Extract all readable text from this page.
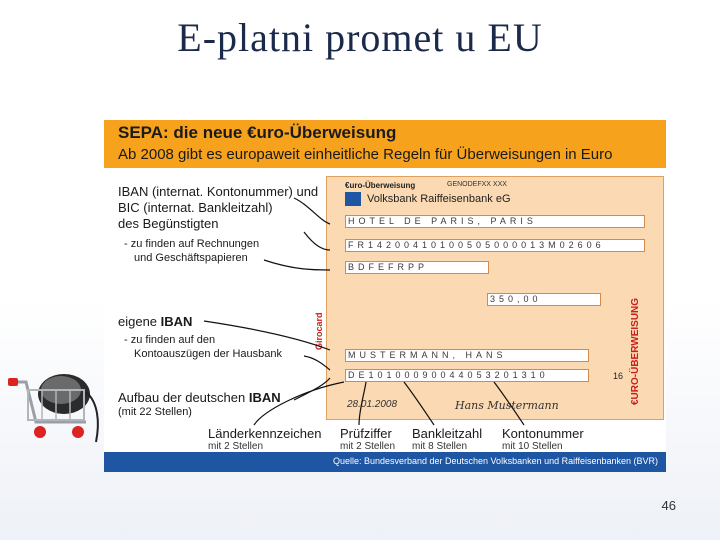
E-platni promet u EU
SEPA: die neue €uro-Überweisung
Ab 2008 gibt es europaweit einheitliche Regeln für Überweisungen in Euro
€uro-Überweisung	GENODEFXX XXX
Volksbank Raiffeisenbank eG
HOTEL DE PARIS, PARIS
FR14200410100505000013M02606
BDFEFRPP
350,00
MUSTERMANN, HANS
DE10100090044053201310	16
28.01.2008	Hans Mustermann
Girocard	€URO-ÜBERWEISUNG
IBAN (internat. Kontonummer) und
BIC (internat. Bankleitzahl)
des Begünstigten
- zu finden auf Rechnungen
und Geschäftspapieren
eigene IBAN
- zu finden auf den
Kontoauszügen der Hausbank
Aufbau der deutschen IBAN
(mit 22 Stellen)
Länderkennzeichen
mit 2 Stellen
Prüfziffer
mit 2 Stellen
Bankleitzahl
mit 8 Stellen
Kontonummer
mit 10 Stellen
Quelle: Bundesverband der Deutschen Volksbanken und Raiffeisenbanken (BVR)
46
